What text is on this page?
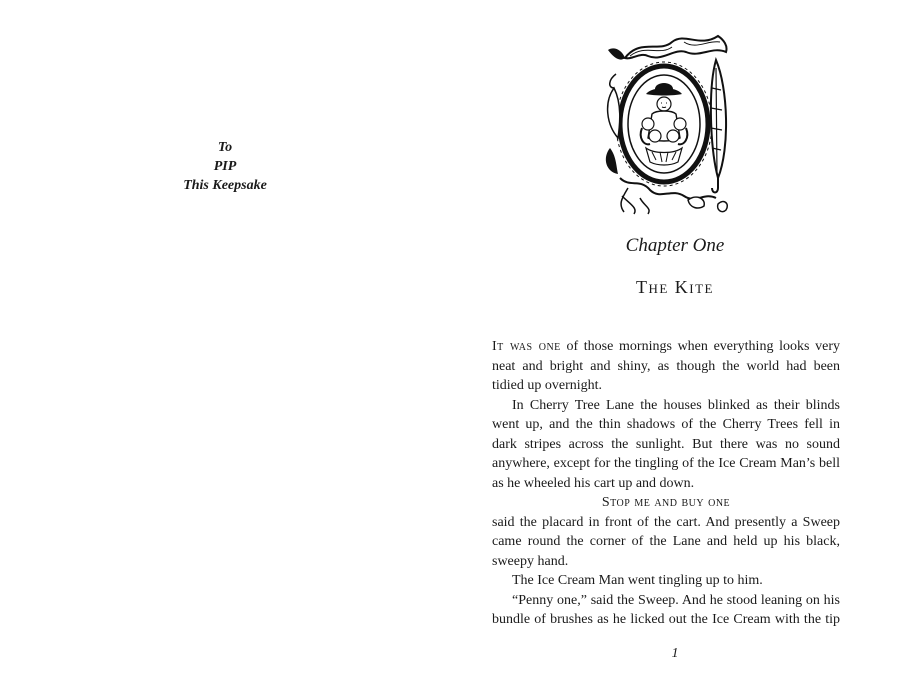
To
PIP
This Keepsake
Chapter One
The Kite
It was one of those mornings when everything looks very
neat and bright and shiny, as though the world had been
tidied up overnight.
In Cherry Tree Lane the houses blinked as their blinds
went up, and the thin shadows of the Cherry Trees fell in
dark stripes across the sunlight. But there was no sound
anywhere, except for the tingling of the Ice Cream Man’s bell
as he wheeled his cart up and down.
Stop me and buy one
said the placard in front of the cart. And presently a Sweep
came round the corner of the Lane and held up his black,
sweepy hand.
The Ice Cream Man went tingling up to him.
“Penny one,” said the Sweep. And he stood leaning on his
bundle of brushes as he licked out the Ice Cream with the tip
1
